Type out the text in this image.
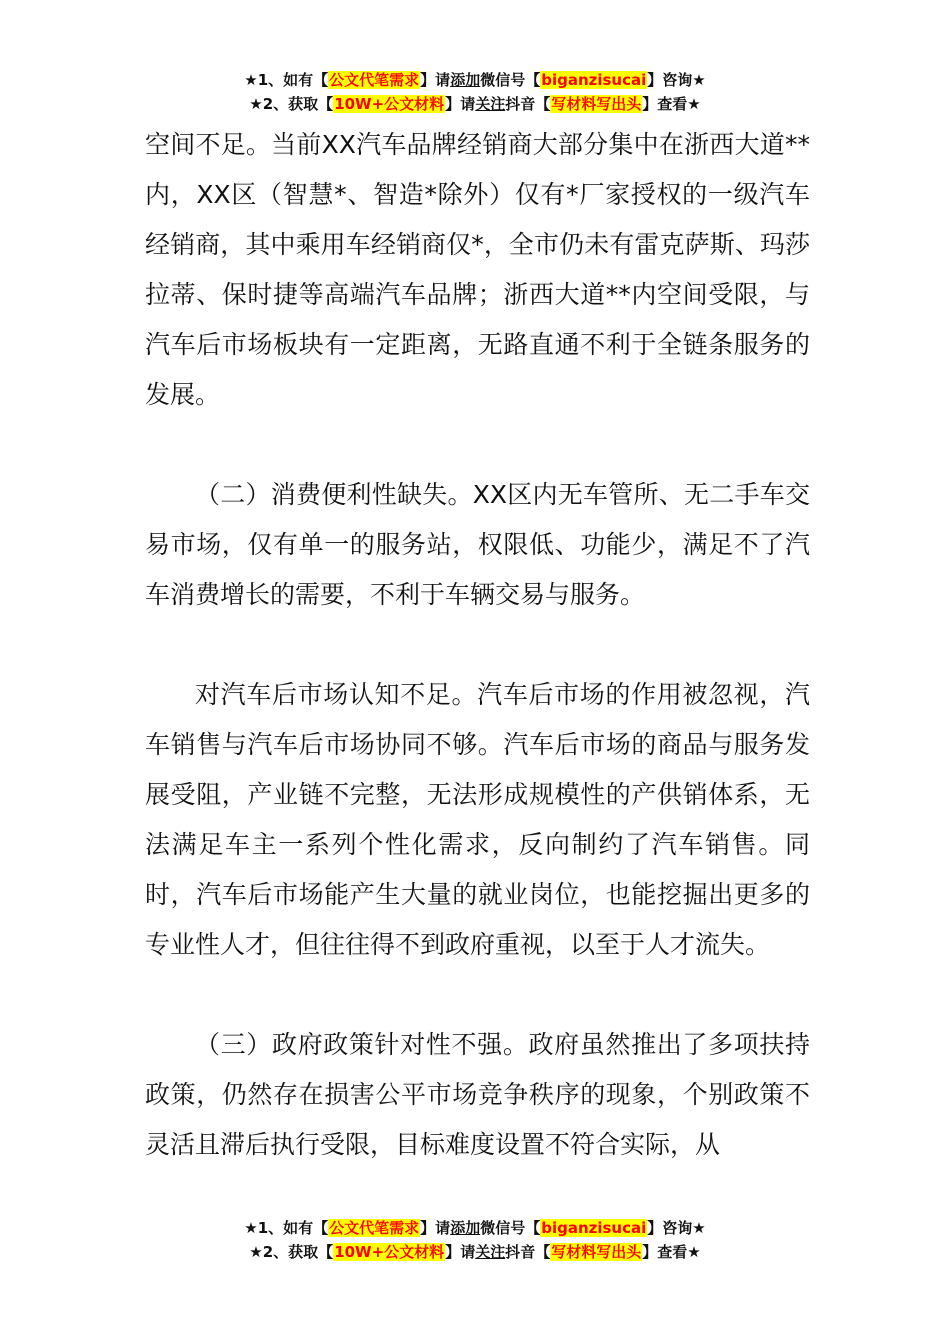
★1、如有【公文代笔需求】请添加微信号【biganzisucai】咨询★
★2、获取【10W+公文材料】请关注抖音【写材料写出头】查看★

空间不足。当前XX汽车品牌经销商大部分集中在浙西大道**内，XX区（智慧*、智造*除外）仅有*厂家授权的一级汽车经销商，其中乘用车经销商仅*，全市仍未有雷克萨斯、玛莎拉蒂、保时捷等高端汽车品牌；浙西大道**内空间受限，与汽车后市场板块有一定距离，无路直通不利于全链条服务的发展。

（二）消费便利性缺失。XX区内无车管所、无二手车交易市场，仅有单一的服务站，权限低、功能少，满足不了汽车消费增长的需要，不利于车辆交易与服务。

对汽车后市场认知不足。汽车后市场的作用被忽视，汽车销售与汽车后市场协同不够。汽车后市场的商品与服务发展受阻，产业链不完整，无法形成规模性的产供销体系，无法满足车主一系列个性化需求，反向制约了汽车销售。同时，汽车后市场能产生大量的就业岗位，也能挖掘出更多的专业性人才，但往往得不到政府重视，以至于人才流失。

（三）政府政策针对性不强。政府虽然推出了多项扶持政策，仍然存在损害公平市场竞争秩序的现象，个别政策不灵活且滞后执行受限，目标难度设置不符合实际，从

★1、如有【公文代笔需求】请添加微信号【biganzisucai】咨询★
★2、获取【10W+公文材料】请关注抖音【写材料写出头】查看★
